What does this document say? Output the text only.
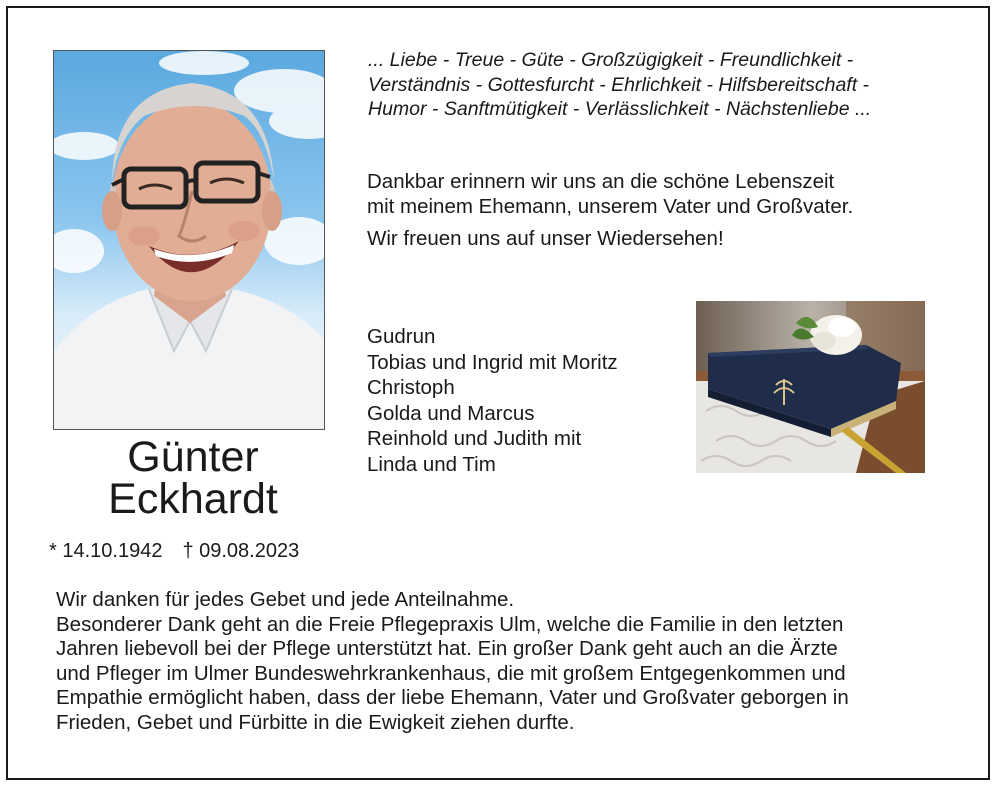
... Liebe - Treue - Güte - Großzügigkeit - Freundlichkeit -
Verständnis - Gottesfurcht - Ehrlichkeit - Hilfsbereitschaft -
Humor - Sanftmütigkeit - Verlässlichkeit - Nächstenliebe ...
Dankbar erinnern wir uns an die schöne Lebenszeit
mit meinem Ehemann, unserem Vater und Großvater.
Wir freuen uns auf unser Wiedersehen!
Gudrun
Tobias und Ingrid mit Moritz
Christoph
Golda und Marcus
Reinhold und Judith mit
Linda und Tim
Günter
Eckhardt
* 14.10.1942 † 09.08.2023
Wir danken für jedes Gebet und jede Anteilnahme.
Besonderer Dank geht an die Freie Pflegepraxis Ulm, welche die Familie in den letzten
Jahren liebevoll bei der Pflege unterstützt hat. Ein großer Dank geht auch an die Ärzte
und Pfleger im Ulmer Bundeswehrkrankenhaus, die mit großem Entgegenkommen und
Empathie ermöglicht haben, dass der liebe Ehemann, Vater und Großvater geborgen in
Frieden, Gebet und Fürbitte in die Ewigkeit ziehen durfte.
